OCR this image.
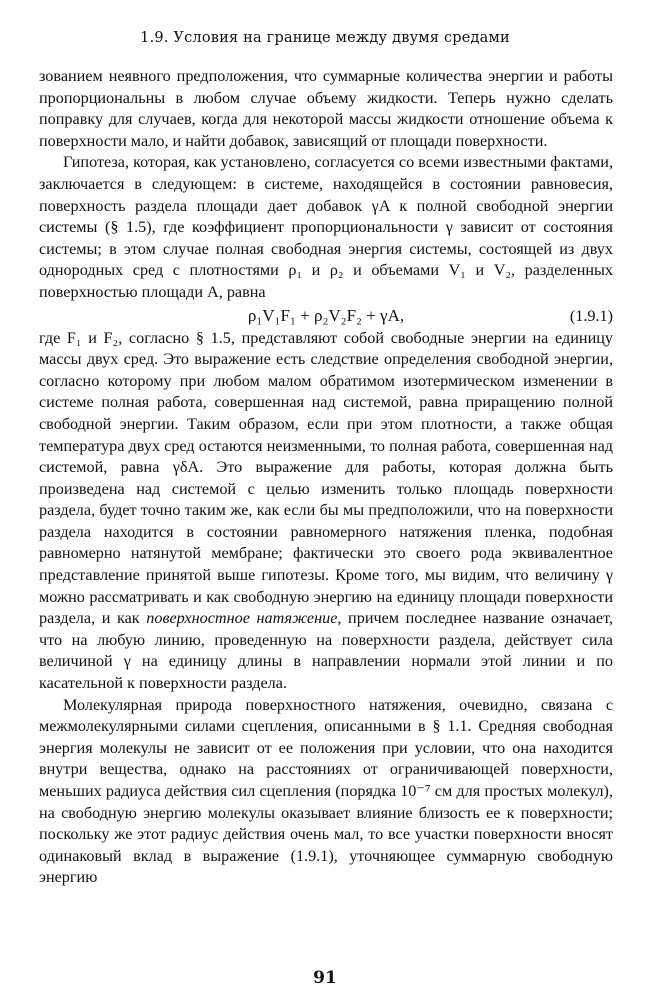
1.9. Условия на границе между двумя средами

зованием неявного предположения, что суммарные количества энергии и работы пропорциональны в любом случае объему жидкости. Теперь нужно сделать поправку для случаев, когда для некоторой массы жидкости отношение объема к поверхности мало, и найти добавок, зависящий от площади поверхности.

Гипотеза, которая, как установлено, согласуется со всеми известными фактами, заключается в следующем: в системе, находящейся в состоянии равновесия, поверхность раздела площади дает добавок γA к полной свободной энергии системы (§ 1.5), где коэффициент пропорциональности γ зависит от состояния системы; в этом случае полная свободная энергия системы, состоящей из двух однородных сред с плотностями ρ₁ и ρ₂ и объемами V₁ и V₂, разделенных поверхностью площади A, равна

ρ₁V₁F₁ + ρ₂V₂F₂ + γA,	(1.9.1)

где F₁ и F₂, согласно § 1.5, представляют собой свободные энергии на единицу массы двух сред. Это выражение есть следствие определения свободной энергии, согласно которому при любом малом обратимом изотермическом изменении в системе полная работа, совершенная над системой, равна приращению полной свободной энергии. Таким образом, если при этом плотности, а также общая температура двух сред остаются неизменными, то полная работа, совершенная над системой, равна γδA. Это выражение для работы, которая должна быть произведена над системой с целью изменить только площадь поверхности раздела, будет точно таким же, как если бы мы предположили, что на поверхности раздела находится в состоянии равномерного натяжения пленка, подобная равномерно натянутой мембране; фактически это своего рода эквивалентное представление принятой выше гипотезы. Кроме того, мы видим, что величину γ можно рассматривать и как свободную энергию на единицу площади поверхности раздела, и как поверхностное натяжение, причем последнее название означает, что на любую линию, проведенную на поверхности раздела, действует сила величиной γ на единицу длины в направлении нормали этой линии и по касательной к поверхности раздела.

Молекулярная природа поверхностного натяжения, очевидно, связана с межмолекулярными силами сцепления, описанными в § 1.1. Средняя свободная энергия молекулы не зависит от ее положения при условии, что она находится внутри вещества, однако на расстояниях от ограничивающей поверхности, меньших радиуса действия сил сцепления (порядка 10⁻⁷ см для простых молекул), на свободную энергию молекулы оказывает влияние близость ее к поверхности; поскольку же этот радиус действия очень мал, то все участки поверхности вносят одинаковый вклад в выражение (1.9.1), уточняющее суммарную свободную энергию

91
